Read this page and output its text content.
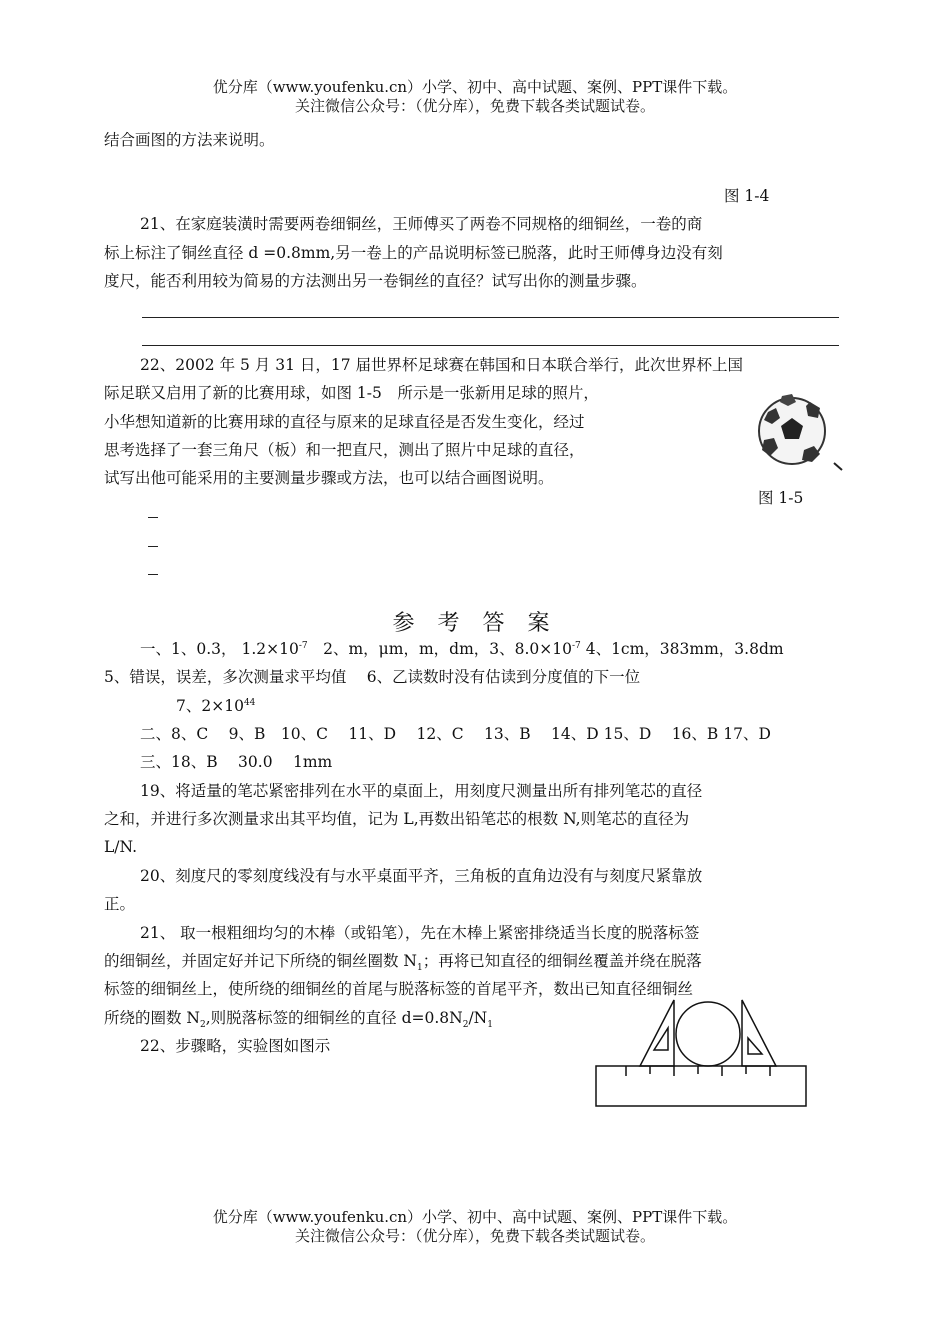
优分库（www.youfenku.cn）小学、初中、高中试题、案例、PPT课件下载。
关注微信公众号：（优分库），免费下载各类试题试卷。
结合画图的方法来说明。
图 1-4
21、在家庭装潢时需要两卷细铜丝，王师傅买了两卷不同规格的细铜丝，一卷的商
标上标注了铜丝直径 d =0.8mm,另一卷上的产品说明标签已脱落，此时王师傅身边没有刻
度尺，能否利用较为简易的方法测出另一卷铜丝的直径？试写出你的测量步骤。
22、2002 年 5 月 31 日，17 届世界杯足球赛在韩国和日本联合举行，此次世界杯上国
际足联又启用了新的比赛用球，如图 1-5　所示是一张新用足球的照片，
小华想知道新的比赛用球的直径与原来的足球直径是否发生变化，经过
思考选择了一套三角尺（板）和一把直尺，测出了照片中足球的直径，
试写出他可能采用的主要测量步骤或方法，也可以结合画图说明。
图 1-5
参 考 答 案
一、1、0.3， $1.2\times 10^{-7}$　 2、m，μm，m，dm，3、$8.0\times 10^{-7}$ 4、1cm，383mm，3.8dm
5、错误，误差，多次测量求平均值　 6、乙读数时没有估读到分度值的下一位
7、$2\times 10^{44}$
二、8、C　 9、B　10、C　 11、D　 12、C　 13、B　 14、D 15、D　 16、B 17、D
三、18、B　 30.0　 1mm
19、将适量的笔芯紧密排列在水平的桌面上，用刻度尺测量出所有排列笔芯的直径
之和，并进行多次测量求出其平均值，记为 L,再数出铅笔芯的根数 N,则笔芯的直径为
L/N.
20、刻度尺的零刻度线没有与水平桌面平齐，三角板的直角边没有与刻度尺紧靠放
正。
21、 取一根粗细均匀的木棒（或铅笔），先在木棒上紧密排绕适当长度的脱落标签
的细铜丝，并固定好并记下所绕的铜丝圈数 $N_1$；再将已知直径的细铜丝覆盖并绕在脱落
标签的细铜丝上，使所绕的细铜丝的首尾与脱落标签的首尾平齐，数出已知直径细铜丝
所绕的圈数 $N_2$,则脱落标签的细铜丝的直径 $d=0.8N_2/N_1$
22、步骤略，实验图如图示
优分库（www.youfenku.cn）小学、初中、高中试题、案例、PPT课件下载。
关注微信公众号：（优分库），免费下载各类试题试卷。
